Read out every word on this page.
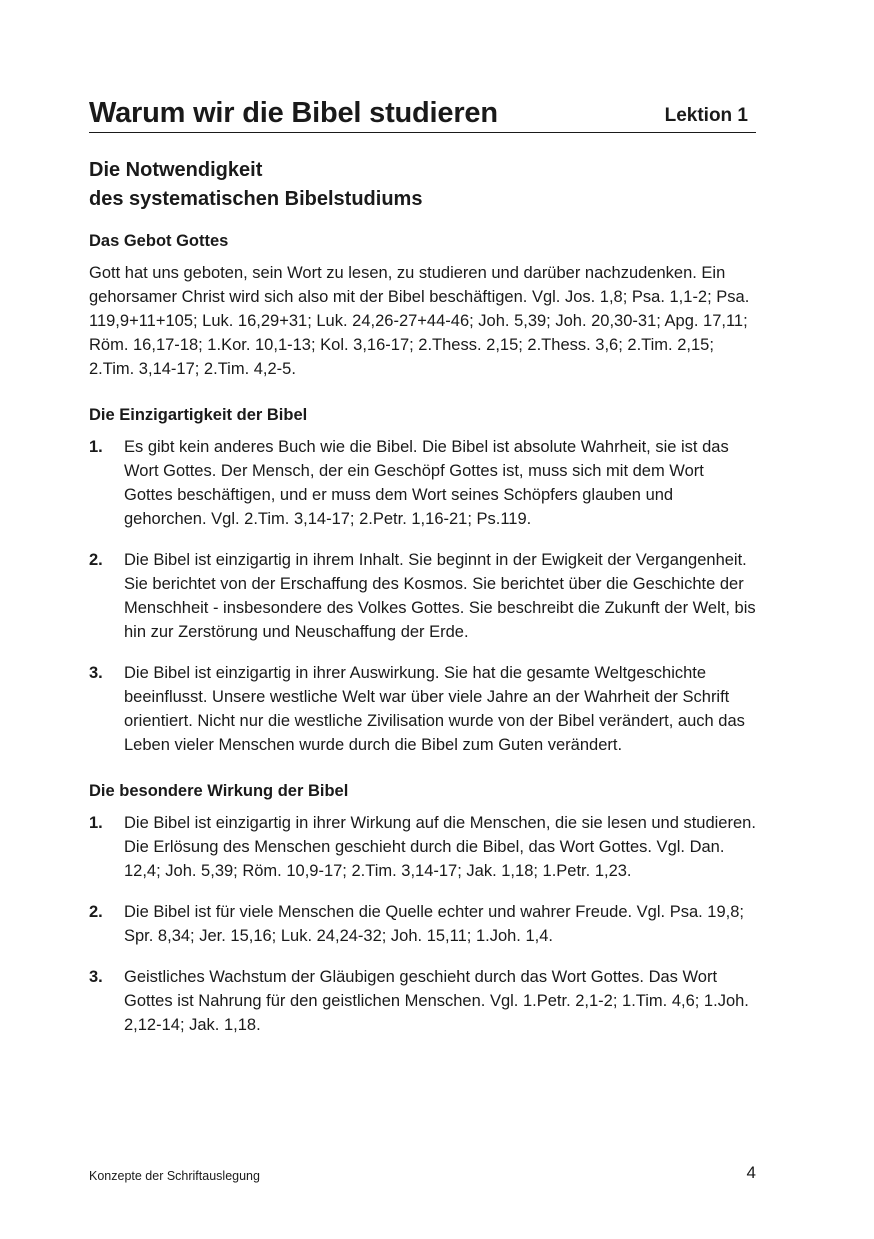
Warum wir die Bibel studieren	Lektion 1
Die Notwendigkeit
des systematischen Bibelstudiums
Das Gebot Gottes

Gott hat uns geboten, sein Wort zu lesen, zu studieren und darüber nachzudenken. Ein gehorsamer Christ wird sich also mit der Bibel beschäftigen. Vgl. Jos. 1,8; Psa. 1,1-2; Psa. 119,9+11+105; Luk. 16,29+31; Luk. 24,26-27+44-46; Joh. 5,39; Joh. 20,30-31; Apg. 17,11; Röm. 16,17-18; 1.Kor. 10,1-13; Kol. 3,16-17; 2.Thess. 2,15; 2.Thess. 3,6; 2.Tim. 2,15; 2.Tim. 3,14-17; 2.Tim. 4,2-5.

Die Einzigartigkeit der Bibel
1.	Es gibt kein anderes Buch wie die Bibel. Die Bibel ist absolute Wahrheit, sie ist das Wort Gottes. Der Mensch, der ein Geschöpf Gottes ist, muss sich mit dem Wort Gottes beschäftigen, und er muss dem Wort seines Schöpfers glauben und gehorchen. Vgl. 2.Tim. 3,14-17; 2.Petr. 1,16-21; Ps.119.
2.	Die Bibel ist einzigartig in ihrem Inhalt. Sie beginnt in der Ewigkeit der Vergangenheit. Sie berichtet von der Erschaffung des Kosmos. Sie berichtet über die Geschichte der Menschheit - insbesondere des Volkes Gottes. Sie beschreibt die Zukunft der Welt, bis hin zur Zerstörung und Neuschaffung der Erde.
3.	Die Bibel ist einzigartig in ihrer Auswirkung. Sie hat die gesamte Weltgeschichte beeinflusst. Unsere westliche Welt war über viele Jahre an der Wahrheit der Schrift orientiert. Nicht nur die westliche Zivilisation wurde von der Bibel verändert, auch das Leben vieler Menschen wurde durch die Bibel zum Guten verändert.
Die besondere Wirkung der Bibel
1.	Die Bibel ist einzigartig in ihrer Wirkung auf die Menschen, die sie lesen und studieren. Die Erlösung des Menschen geschieht durch die Bibel, das Wort Gottes. Vgl. Dan. 12,4; Joh. 5,39; Röm. 10,9-17; 2.Tim. 3,14-17; Jak. 1,18; 1.Petr. 1,23.
2.	Die Bibel ist für viele Menschen die Quelle echter und wahrer Freude. Vgl. Psa. 19,8; Spr. 8,34; Jer. 15,16; Luk. 24,24-32; Joh. 15,11; 1.Joh. 1,4.
3.	Geistliches Wachstum der Gläubigen geschieht durch das Wort Gottes. Das Wort Gottes ist Nahrung für den geistlichen Menschen. Vgl. 1.Petr. 2,1-2; 1.Tim. 4,6; 1.Joh. 2,12-14; Jak. 1,18.
Konzepte der Schriftauslegung	4
